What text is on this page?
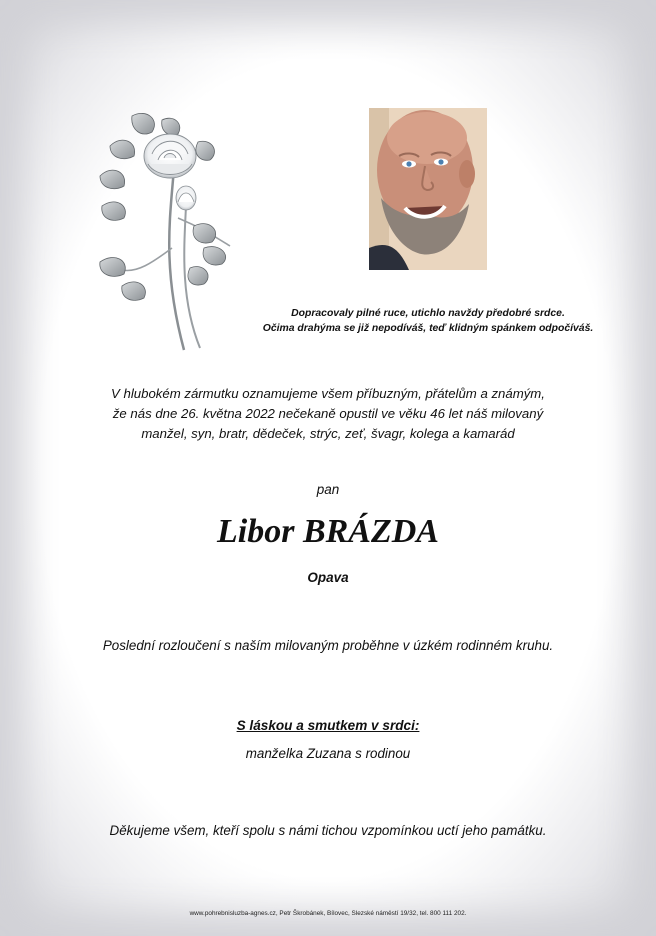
Dopracovaly pilné ruce, utichlo navždy předobré srdce.
Očima drahýma se již nepodíváš, teď klidným spánkem odpočíváš.
V hlubokém zármutku oznamujeme všem příbuzným, přátelům a známým,
že nás dne 26. května 2022 nečekaně opustil ve věku 46 let náš milovaný
manžel, syn, bratr, dědeček, strýc, zeť, švagr, kolega a kamarád
pan
Libor BRÁZDA
Opava
Poslední rozloučení s naším milovaným proběhne v úzkém rodinném kruhu.
S láskou a smutkem v srdci:
manželka Zuzana s rodinou
Děkujeme všem, kteří spolu s námi tichou vzpomínkou uctí jeho památku.
www.pohrebnisluzba-agnes.cz, Petr Škrobánek, Bílovec, Slezské náměstí 19/32, tel. 800 111 202.
